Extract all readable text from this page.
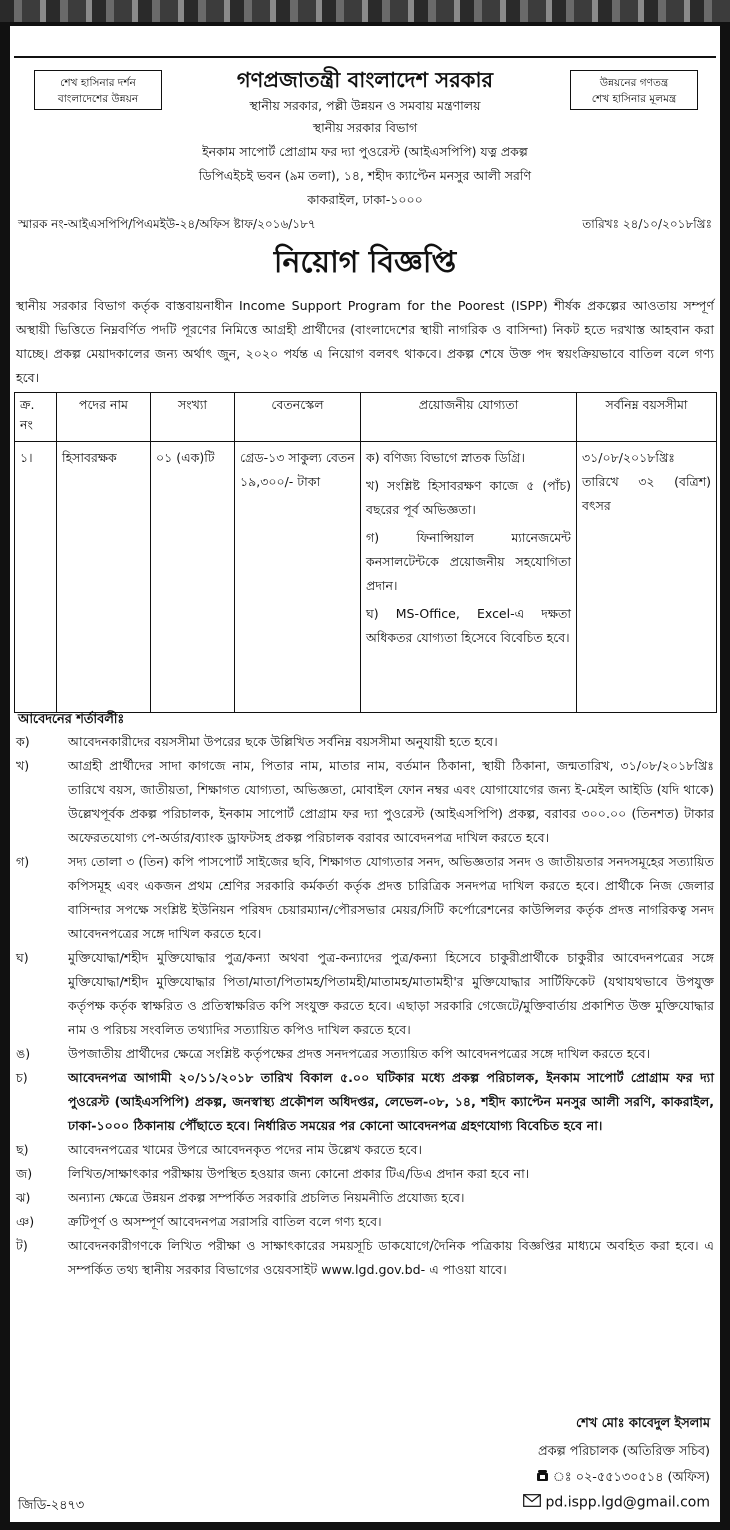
শেখ হাসিনার দর্শন
বাংলাদেশের উন্নয়ন
উন্নয়নের গণতন্ত্র
শেখ হাসিনার মূলমন্ত্র
গণপ্রজাতন্ত্রী বাংলাদেশ সরকার
স্থানীয় সরকার, পল্লী উন্নয়ন ও সমবায় মন্ত্রণালয়
স্থানীয় সরকার বিভাগ
ইনকাম সাপোর্ট প্রোগ্রাম ফর দ্যা পুওরেস্ট (আইএসপিপি) যত্ন প্রকল্প
ডিপিএইচই ভবন (৯ম তলা), ১৪, শহীদ ক্যাপ্টেন মনসুর আলী সরণি
কাকরাইল, ঢাকা-১০০০
স্মারক নং-আইএসপিপি/পিএমইউ-২৪/অফিস ষ্টাফ/২০১৬/১৮৭	তারিখঃ ২৪/১০/২০১৮খ্রিঃ
নিয়োগ বিজ্ঞপ্তি
স্থানীয় সরকার বিভাগ কর্তৃক বাস্তবায়নাধীন Income Support Program for the Poorest (ISPP) শীর্ষক প্রকল্পের আওতায় সম্পূর্ণ অস্থায়ী ভিত্তিতে নিম্নবর্ণিত পদটি পূরণের নিমিত্তে আগ্রহী প্রার্থীদের (বাংলাদেশের স্থায়ী নাগরিক ও বাসিন্দা) নিকট হতে দরখাস্ত আহবান করা যাচ্ছে। প্রকল্প মেয়াদকালের জন্য অর্থাৎ জুন, ২০২০ পর্যন্ত এ নিয়োগ বলবৎ থাকবে। প্রকল্প শেষে উক্ত পদ স্বয়ংক্রিয়ভাবে বাতিল বলে গণ্য হবে।
ক্র. নং	পদের নাম	সংখ্যা	বেতনস্কেল	প্রয়োজনীয় যোগ্যতা	সর্বনিম্ন বয়সসীমা
১।	হিসাবরক্ষক	০১ (এক)টি	গ্রেড-১৩ সাকুল্য বেতন ১৯,৩০০/- টাকা	ক) বণিজ্য বিভাগে স্নাতক ডিগ্রি।
খ) সংশ্লিষ্ট হিসাবরক্ষণ কাজে ৫ (পাঁচ) বছরের পূর্ব অভিজ্ঞতা।
গ) ফিনান্সিয়াল ম্যানেজমেন্ট কনসালটেন্টকে প্রয়োজনীয় সহযোগিতা প্রদান।
ঘ) MS-Office, Excel-এ দক্ষতা অধিকতর যোগ্যতা হিসেবে বিবেচিত হবে।	৩১/০৮/২০১৮খ্রিঃ তারিখে ৩২ (বত্রিশ) বৎসর
আবেদনের শর্তাবলীঃ
ক)	আবেদনকারীদের বয়সসীমা উপরের ছকে উল্লিখিত সর্বনিম্ন বয়সসীমা অনুযায়ী হতে হবে।
খ)	আগ্রহী প্রার্থীদের সাদা কাগজে নাম, পিতার নাম, মাতার নাম, বর্তমান ঠিকানা, স্থায়ী ঠিকানা, জন্মতারিখ, ৩১/০৮/২০১৮খ্রিঃ তারিখে বয়স, জাতীয়তা, শিক্ষাগত যোগ্যতা, অভিজ্ঞতা, মোবাইল ফোন নম্বর এবং যোগাযোগের জন্য ই-মেইল আইডি (যদি থাকে) উল্লেখপূর্বক প্রকল্প পরিচালক, ইনকাম সাপোর্ট প্রোগ্রাম ফর দ্যা পুওরেস্ট (আইএসপিপি) প্রকল্প, বরাবর ৩০০.০০ (তিনশত) টাকার অফেরতযোগ্য পে-অর্ডার/ব্যাংক ড্রাফটসহ প্রকল্প পরিচালক বরাবর আবেদনপত্র দাখিল করতে হবে।
গ)	সদ্য তোলা ৩ (তিন) কপি পাসপোর্ট সাইজের ছবি, শিক্ষাগত যোগ্যতার সনদ, অভিজ্ঞতার সনদ ও জাতীয়তার সনদসমূহের সত্যায়িত কপিসমূহ এবং একজন প্রথম শ্রেণির সরকারি কর্মকর্তা কর্তৃক প্রদত্ত চারিত্রিক সনদপত্র দাখিল করতে হবে। প্রার্থীকে নিজ জেলার বাসিন্দার সপক্ষে সংশ্লিষ্ট ইউনিয়ন পরিষদ চেয়ারম্যান/পৌরসভার মেয়র/সিটি কর্পোরেশনের কাউন্সিলর কর্তৃক প্রদত্ত নাগরিকত্ব সনদ আবেদনপত্রের সঙ্গে দাখিল করতে হবে।
ঘ)	মুক্তিযোদ্ধা/শহীদ মুক্তিযোদ্ধার পুত্র/কন্যা অথবা পুত্র-কন্যাদের পুত্র/কন্যা হিসেবে চাকুরীপ্রার্থীকে চাকুরীর আবেদনপত্রের সঙ্গে মুক্তিযোদ্ধা/শহীদ মুক্তিযোদ্ধার পিতা/মাতা/পিতামহ/পিতামহী/মাতামহ/মাতামহী'র মুক্তিযোদ্ধার সার্টিফিকেট (যথাযথভাবে উপযুক্ত কর্তৃপক্ষ কর্তৃক স্বাক্ষরিত ও প্রতিস্বাক্ষরিত কপি সংযুক্ত করতে হবে। এছাড়া সরকারি গেজেটে/মুক্তিবার্তায় প্রকাশিত উক্ত মুক্তিযোদ্ধার নাম ও পরিচয় সংবলিত তথ্যাদির সত্যায়িত কপিও দাখিল করতে হবে।
ঙ)	উপজাতীয় প্রার্থীদের ক্ষেত্রে সংশ্লিষ্ট কর্তৃপক্ষের প্রদত্ত সনদপত্রের সত্যায়িত কপি আবেদনপত্রের সঙ্গে দাখিল করতে হবে।
চ)	আবেদনপত্র আগামী ২০/১১/২০১৮ তারিখ বিকাল ৫.০০ ঘটিকার মধ্যে প্রকল্প পরিচালক, ইনকাম সাপোর্ট প্রোগ্রাম ফর দ্যা পুওরেস্ট (আইএসপিপি) প্রকল্প, জনস্বাস্থ্য প্রকৌশল অধিদপ্তর, লেভেল-০৮, ১৪, শহীদ ক্যাপ্টেন মনসুর আলী সরণি, কাকরাইল, ঢাকা-১০০০ ঠিকানায় পৌঁছাতে হবে। নির্ধারিত সময়ের পর কোনো আবেদনপত্র গ্রহণযোগ্য বিবেচিত হবে না।
ছ)	আবেদনপত্রের খামের উপরে আবেদনকৃত পদের নাম উল্লেখ করতে হবে।
জ)	লিখিত/সাক্ষাৎকার পরীক্ষায় উপস্থিত হওয়ার জন্য কোনো প্রকার টিএ/ডিএ প্রদান করা হবে না।
ঝ)	অন্যান্য ক্ষেত্রে উন্নয়ন প্রকল্প সম্পর্কিত সরকারি প্রচলিত নিয়মনীতি প্রযোজ্য হবে।
ঞ)	ক্রটিপূর্ণ ও অসম্পূর্ণ আবেদনপত্র সরাসরি বাতিল বলে গণ্য হবে।
ট)	আবেদনকারীগণকে লিখিত পরীক্ষা ও সাক্ষাৎকারের সময়সূচি ডাকযোগে/দৈনিক পত্রিকায় বিজ্ঞপ্তির মাধ্যমে অবহিত করা হবে। এ সম্পর্কিত তথ্য স্থানীয় সরকার বিভাগের ওয়েবসাইট www.lgd.gov.bd- এ পাওয়া যাবে।
শেখ মোঃ কাবেদুল ইসলাম
প্রকল্প পরিচালক (অতিরিক্ত সচিব)
ঃ ০২-৫৫১৩০৫১৪ (অফিস)
pd.ispp.lgd@gmail.com
জিডি-২৪৭৩
